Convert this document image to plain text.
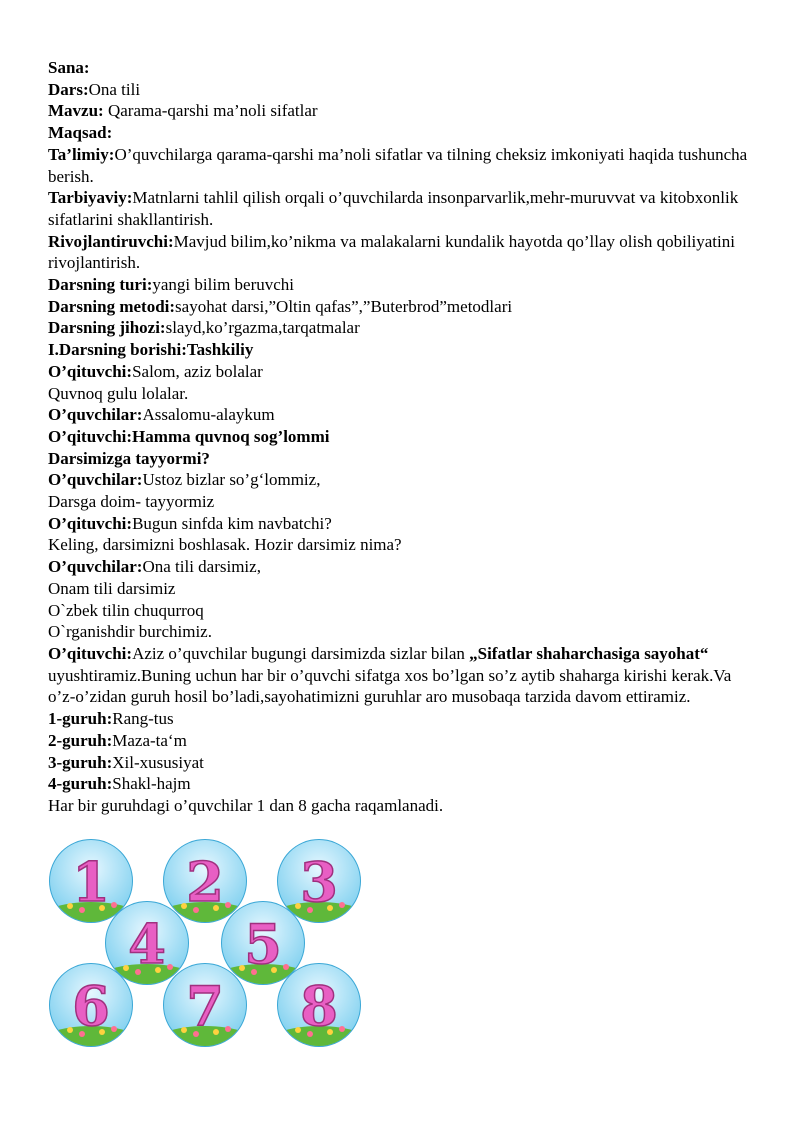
Sana:

Dars:Ona tili

Mavzu: Qarama-qarshi ma’noli sifatlar

Maqsad:

Ta’limiy:O’quvchilarga qarama-qarshi ma’noli sifatlar va tilning cheksiz imkoniyati haqida tushuncha berish.

Tarbiyaviy:Matnlarni tahlil qilish orqali o’quvchilarda insonparvarlik,mehr-muruvvat va kitobxonlik sifatlarini shakllantirish.

Rivojlantiruvchi:Mavjud bilim,ko’nikma va malakalarni kundalik hayotda qo’llay olish qobiliyatini rivojlantirish.

Darsning turi:yangi bilim beruvchi

Darsning metodi:sayohat darsi,”Oltin qafas”,”Buterbrod”metodlari

Darsning jihozi:slayd,ko’rgazma,tarqatmalar

I.Darsning borishi:Tashkiliy

O’qituvchi:Salom, aziz bolalar

Quvnoq gulu lolalar.

O’quvchilar:Assalomu-alaykum

O’qituvchi:Hamma quvnoq sog’lommi

Darsimizga tayyormi?

O’quvchilar:Ustoz bizlar so’g‘lommiz,

Darsga doim- tayyormiz

O’qituvchi:Bugun sinfda kim navbatchi?

Keling, darsimizni boshlasak. Hozir darsimiz nima?

O’quvchilar:Ona tili darsimiz,

Onam tili darsimiz

O`zbek tilin chuqurroq

O`rganishdir burchimiz.

O’qituvchi:Aziz o’quvchilar bugungi darsimizda sizlar bilan „Sifatlar shaharchasiga sayohat“ uyushtiramiz.Buning uchun har bir o’quvchi sifatga xos bo’lgan so’z aytib shaharga kirishi kerak.Va o’z-o’zidan guruh hosil bo’ladi,sayohatimizni guruhlar aro musobaqa tarzida davom ettiramiz.

1-guruh:Rang-tus

2-guruh:Maza-ta‘m

3-guruh:Xil-xususiyat

4-guruh:Shakl-hajm

Har bir guruhdagi o’quvchilar 1 dan 8 gacha raqamlanadi.

1 2 3
4 5
6 7 8
